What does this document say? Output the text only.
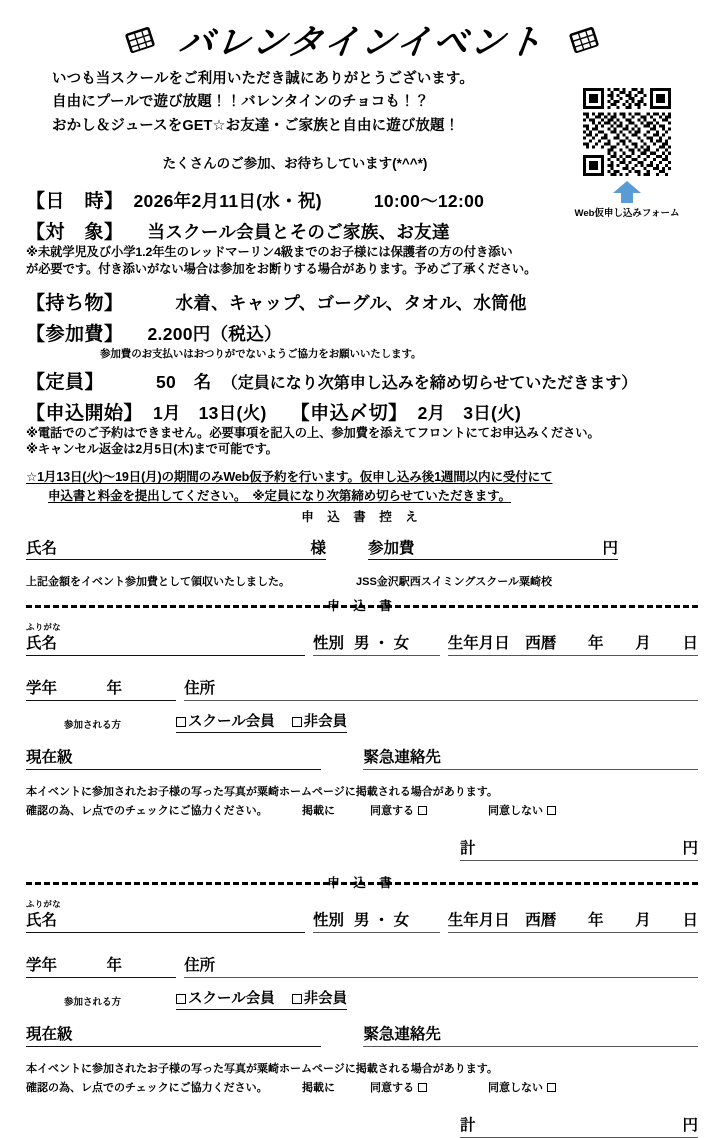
バレンタインイベント
いつも当スクールをご利用いただき誠にありがとうございます。
自由にプールで遊び放題！！バレンタインのチョコも！？
おかし＆ジュースをGET☆お友達・ご家族と自由に遊び放題！
たくさんのご参加、お待ちしています(*^^*)
Web仮申し込みフォーム
【日　時】 2026年2月11日(水・祝)	10:00～12:00
【対　象】 当スクール会員とそのご家族、お友達
※未就学児及び小学1.2年生のレッドマーリン4級までのお子様には保護者の方の付き添い
が必要です。付き添いがない場合は参加をお断りする場合があります。予めご了承ください。
【持ち物】	水着、キャップ、ゴーグル、タオル、水筒他
【参加費】 2.200円（税込）
参加費のお支払いはおつりがでないようご協力をお願いいたします。
【定員】	50　名 （定員になり次第申し込みを締め切らせていただきます）
【申込開始】 1月　13日(火) 【申込〆切】 2月　3日(火)
※電話でのご予約はできません。必要事項を記入の上、参加費を添えてフロントにてお申込みください。
※キャンセル返金は2月5日(木)まで可能です。
☆1月13日(火)～19日(月)の期間のみWeb仮予約を行います。仮申し込み後1週間以内に受付にて
申込書と料金を提出してください。　※定員になり次第締め切らせていただきます。
申 込 書 控 え
氏名	様	参加費	円
上記金額をイベント参加費として領収いたしました。	JSS金沢駅西スイミングスクール粟崎校
申 込 書
ふりがな
氏名	性別 男 ・ 女 生年月日　西暦 年 月 日
学年	年	住所
参加される方	スクール会員 非会員
現在級	緊急連絡先
本イベントに参加されたお子様の写った写真が粟崎ホームページに掲載される場合があります。
確認の為、レ点でのチェックにご協力ください。	掲載に	同意する	同意しない
計	円
申 込 書
ふりがな
氏名	性別 男 ・ 女 生年月日　西暦 年 月 日
学年	年	住所
参加される方	スクール会員 非会員
現在級	緊急連絡先
本イベントに参加されたお子様の写った写真が粟崎ホームページに掲載される場合があります。
確認の為、レ点でのチェックにご協力ください。	掲載に	同意する	同意しない
計	円
